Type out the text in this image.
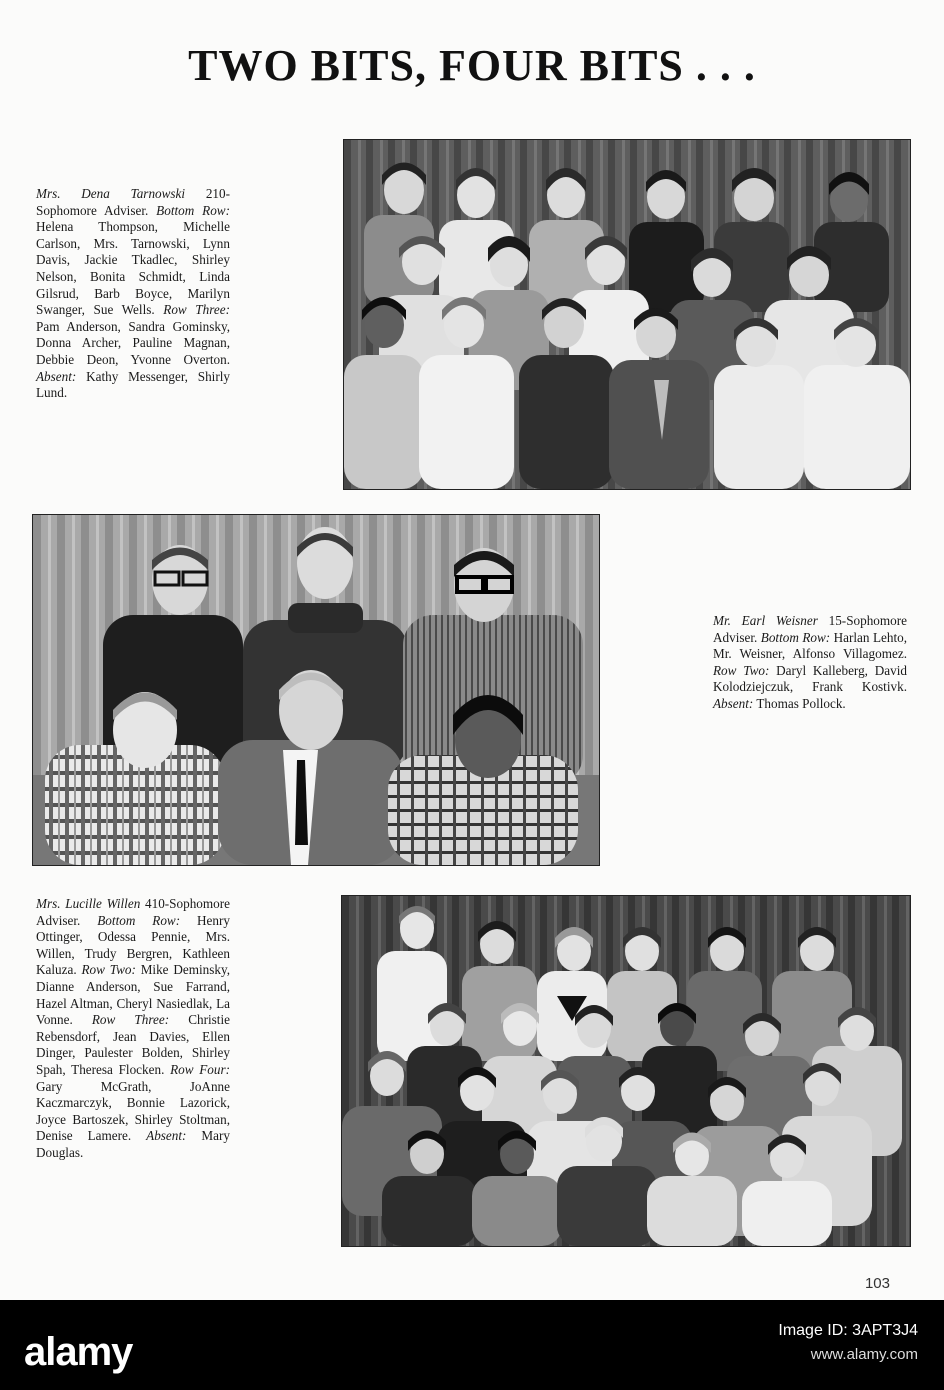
TWO BITS, FOUR BITS . . .
Mrs. Dena Tarnowski 210-Sophomore Adviser. Bottom Row: Helena Thompson, Michelle Carlson, Mrs. Tarnowski, Lynn Davis, Jackie Tkadlec, Shirley Nelson, Bonita Schmidt, Linda Gilsrud, Barb Boyce, Marilyn Swanger, Sue Wells. Row Three: Pam Anderson, Sandra Gominsky, Donna Archer, Pauline Magnan, Debbie Deon, Yvonne Overton. Absent: Kathy Messenger, Shirly Lund.
Mr. Earl Weisner 15-Sophomore Adviser. Bottom Row: Harlan Lehto, Mr. Weisner, Alfonso Villagomez. Row Two: Daryl Kalleberg, David Kolodziejczuk, Frank Kostivk. Absent: Thomas Pollock.
Mrs. Lucille Willen 410-Sophomore Adviser. Bottom Row: Henry Ottinger, Odessa Pennie, Mrs. Willen, Trudy Bergren, Kathleen Kaluza. Row Two: Mike Deminsky, Dianne Anderson, Sue Farrand, Hazel Altman, Cheryl Nasiedlak, La Vonne. Row Three: Christie Rebensdorf, Jean Davies, Ellen Dinger, Paulester Bolden, Shirley Spah, Theresa Flocken. Row Four: Gary McGrath, JoAnne Kaczmarczyk, Bonnie Lazorick, Joyce Bartoszek, Shirley Stoltman, Denise Lamere. Absent: Mary Douglas.
103
alamy	Image ID: 3APT3J4
www.alamy.com
